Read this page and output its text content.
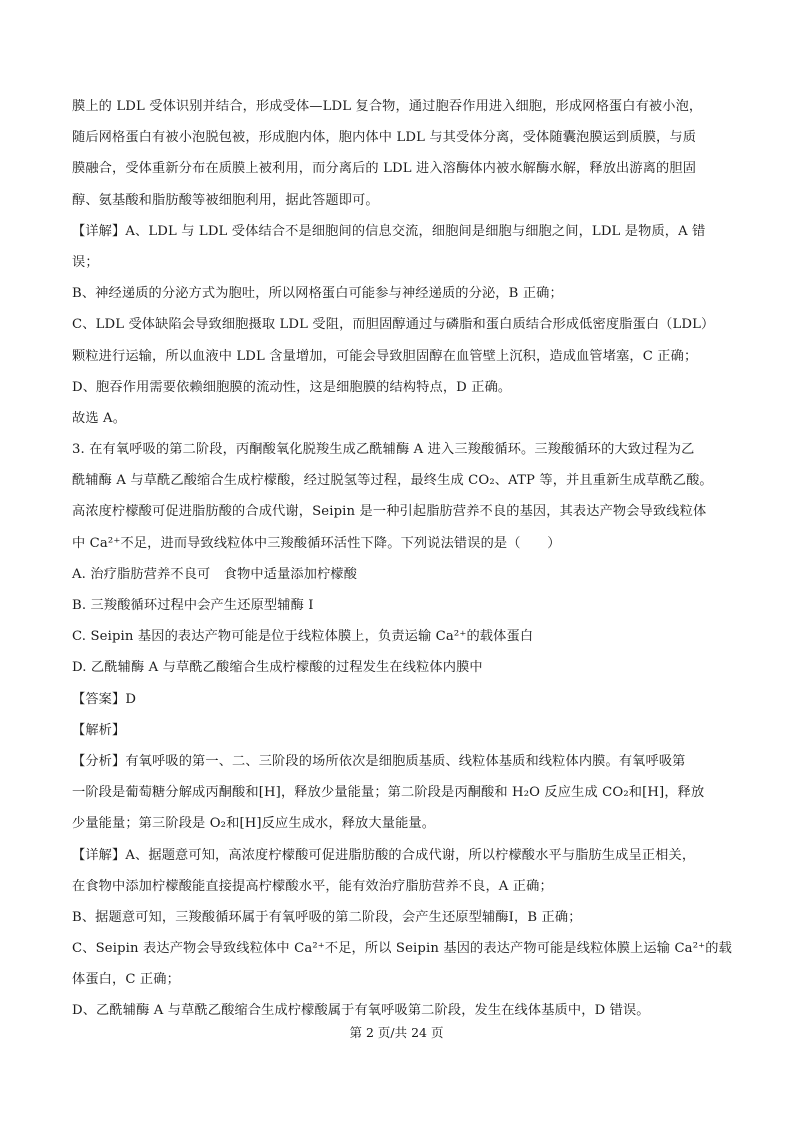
膜上的 LDL 受体识别并结合，形成受体—LDL 复合物，通过胞吞作用进入细胞，形成网格蛋白有被小泡，
随后网格蛋白有被小泡脱包被，形成胞内体，胞内体中 LDL 与其受体分离，受体随囊泡膜运到质膜，与质
膜融合，受体重新分布在质膜上被利用，而分离后的 LDL 进入溶酶体内被水解酶水解，释放出游离的胆固
醇、氨基酸和脂肪酸等被细胞利用，据此答题即可。
【详解】A、LDL 与 LDL 受体结合不是细胞间的信息交流，细胞间是细胞与细胞之间，LDL 是物质，A 错
误；
B、神经递质的分泌方式为胞吐，所以网格蛋白可能参与神经递质的分泌，B 正确；
C、LDL 受体缺陷会导致细胞摄取 LDL 受阻，而胆固醇通过与磷脂和蛋白质结合形成低密度脂蛋白（LDL）
颗粒进行运输，所以血液中 LDL 含量增加，可能会导致胆固醇在血管壁上沉积，造成血管堵塞，C 正确；
D、胞吞作用需要依赖细胞膜的流动性，这是细胞膜的结构特点，D 正确。
故选 A。
3. 在有氧呼吸的第二阶段，丙酮酸氧化脱羧生成乙酰辅酶 A 进入三羧酸循环。三羧酸循环的大致过程为乙
酰辅酶 A 与草酰乙酸缩合生成柠檬酸，经过脱氢等过程，最终生成 CO₂、ATP 等，并且重新生成草酰乙酸。
高浓度柠檬酸可促进脂肪酸的合成代谢，Seipin 是一种引起脂肪营养不良的基因，其表达产物会导致线粒体
中 Ca²⁺不足，进而导致线粒体中三羧酸循环活性下降。下列说法错误的是（　　）
A. 治疗脂肪营养不良可　食物中适量添加柠檬酸
B. 三羧酸循环过程中会产生还原型辅酶 I
C. Seipin 基因的表达产物可能是位于线粒体膜上，负责运输 Ca²⁺的载体蛋白
D. 乙酰辅酶 A 与草酰乙酸缩合生成柠檬酸的过程发生在线粒体内膜中
【答案】D
【解析】
【分析】有氧呼吸的第一、二、三阶段的场所依次是细胞质基质、线粒体基质和线粒体内膜。有氧呼吸第
一阶段是葡萄糖分解成丙酮酸和[H]，释放少量能量；第二阶段是丙酮酸和 H₂O 反应生成 CO₂和[H]，释放
少量能量；第三阶段是 O₂和[H]反应生成水，释放大量能量。
【详解】A、据题意可知，高浓度柠檬酸可促进脂肪酸的合成代谢，所以柠檬酸水平与脂肪生成呈正相关，
在食物中添加柠檬酸能直接提高柠檬酸水平，能有效治疗脂肪营养不良，A 正确；
B、据题意可知，三羧酸循环属于有氧呼吸的第二阶段，会产生还原型辅酶Ⅰ，B 正确；
C、Seipin 表达产物会导致线粒体中 Ca²⁺不足，所以 Seipin 基因的表达产物可能是线粒体膜上运输 Ca²⁺的载
体蛋白，C 正确；
D、乙酰辅酶 A 与草酰乙酸缩合生成柠檬酸属于有氧呼吸第二阶段，发生在线体基质中，D 错误。
第 2 页/共 24 页
